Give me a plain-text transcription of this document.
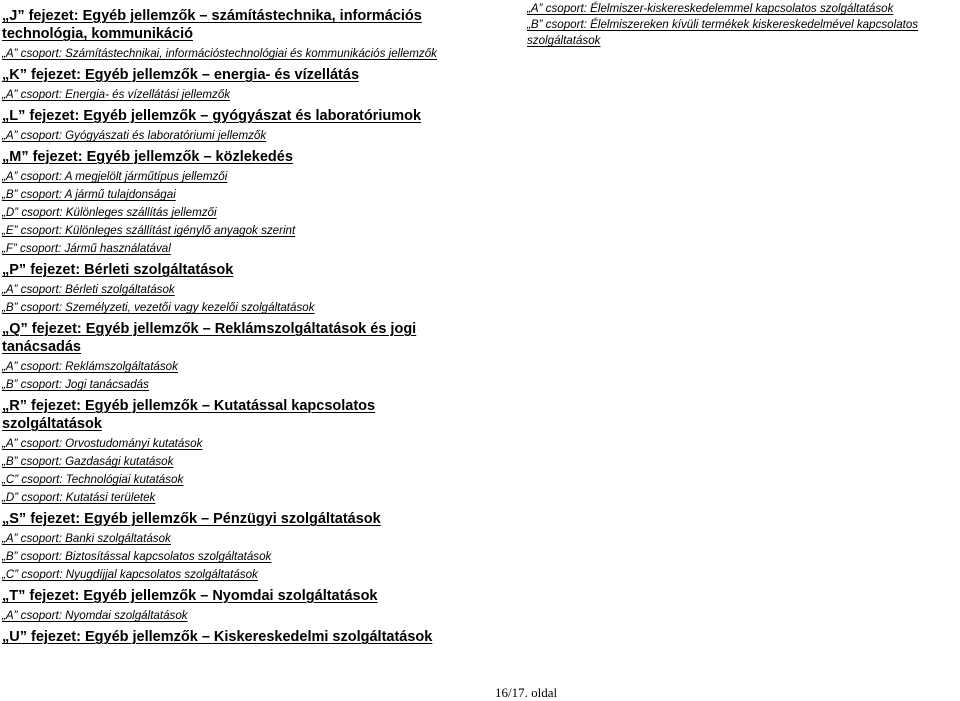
„J” fejezet: Egyéb jellemzők – számítástechnika, információs technológia, kommunikáció
„A” csoport: Számítástechnikai, információstechnológiai és kommunikációs jellemzők
„K” fejezet: Egyéb jellemzők – energia- és vízellátás
„A” csoport: Energia- és vízellátási jellemzők
„L” fejezet: Egyéb jellemzők – gyógyászat és laboratóriumok
„A” csoport: Gyógyászati és laboratóriumi jellemzők
„M” fejezet: Egyéb jellemzők – közlekedés
„A” csoport: A megjelölt járműtípus jellemzői
„B” csoport: A jármű tulajdonságai
„D” csoport: Különleges szállítás jellemzői
„E” csoport: Különleges szállítást igénylő anyagok szerint
„F” csoport: Jármű használatával
„P” fejezet: Bérleti szolgáltatások
„A” csoport: Bérleti szolgáltatások
„B” csoport: Személyzeti, vezetői vagy kezelői szolgáltatások
„Q” fejezet: Egyéb jellemzők – Reklámszolgáltatások és jogi tanácsadás
„A” csoport: Reklámszolgáltatások
„B” csoport: Jogi tanácsadás
„R” fejezet: Egyéb jellemzők – Kutatással kapcsolatos szolgáltatások
„A” csoport: Orvostudományi kutatások
„B” csoport: Gazdasági kutatások
„C” csoport: Technológiai kutatások
„D” csoport: Kutatási területek
„S” fejezet: Egyéb jellemzők – Pénzügyi szolgáltatások
„A” csoport: Banki szolgáltatások
„B” csoport: Biztosítással kapcsolatos szolgáltatások
„C” csoport: Nyugdíjjal kapcsolatos szolgáltatások
„T” fejezet: Egyéb jellemzők – Nyomdai szolgáltatások
„A” csoport: Nyomdai szolgáltatások
„U” fejezet: Egyéb jellemzők – Kiskereskedelmi szolgáltatások
„A” csoport: Élelmiszer-kiskereskedelemmel kapcsolatos szolgáltatások
„B” csoport: Élelmiszereken kívüli termékek kiskereskedelmével kapcsolatos szolgáltatások
16/17. oldal
